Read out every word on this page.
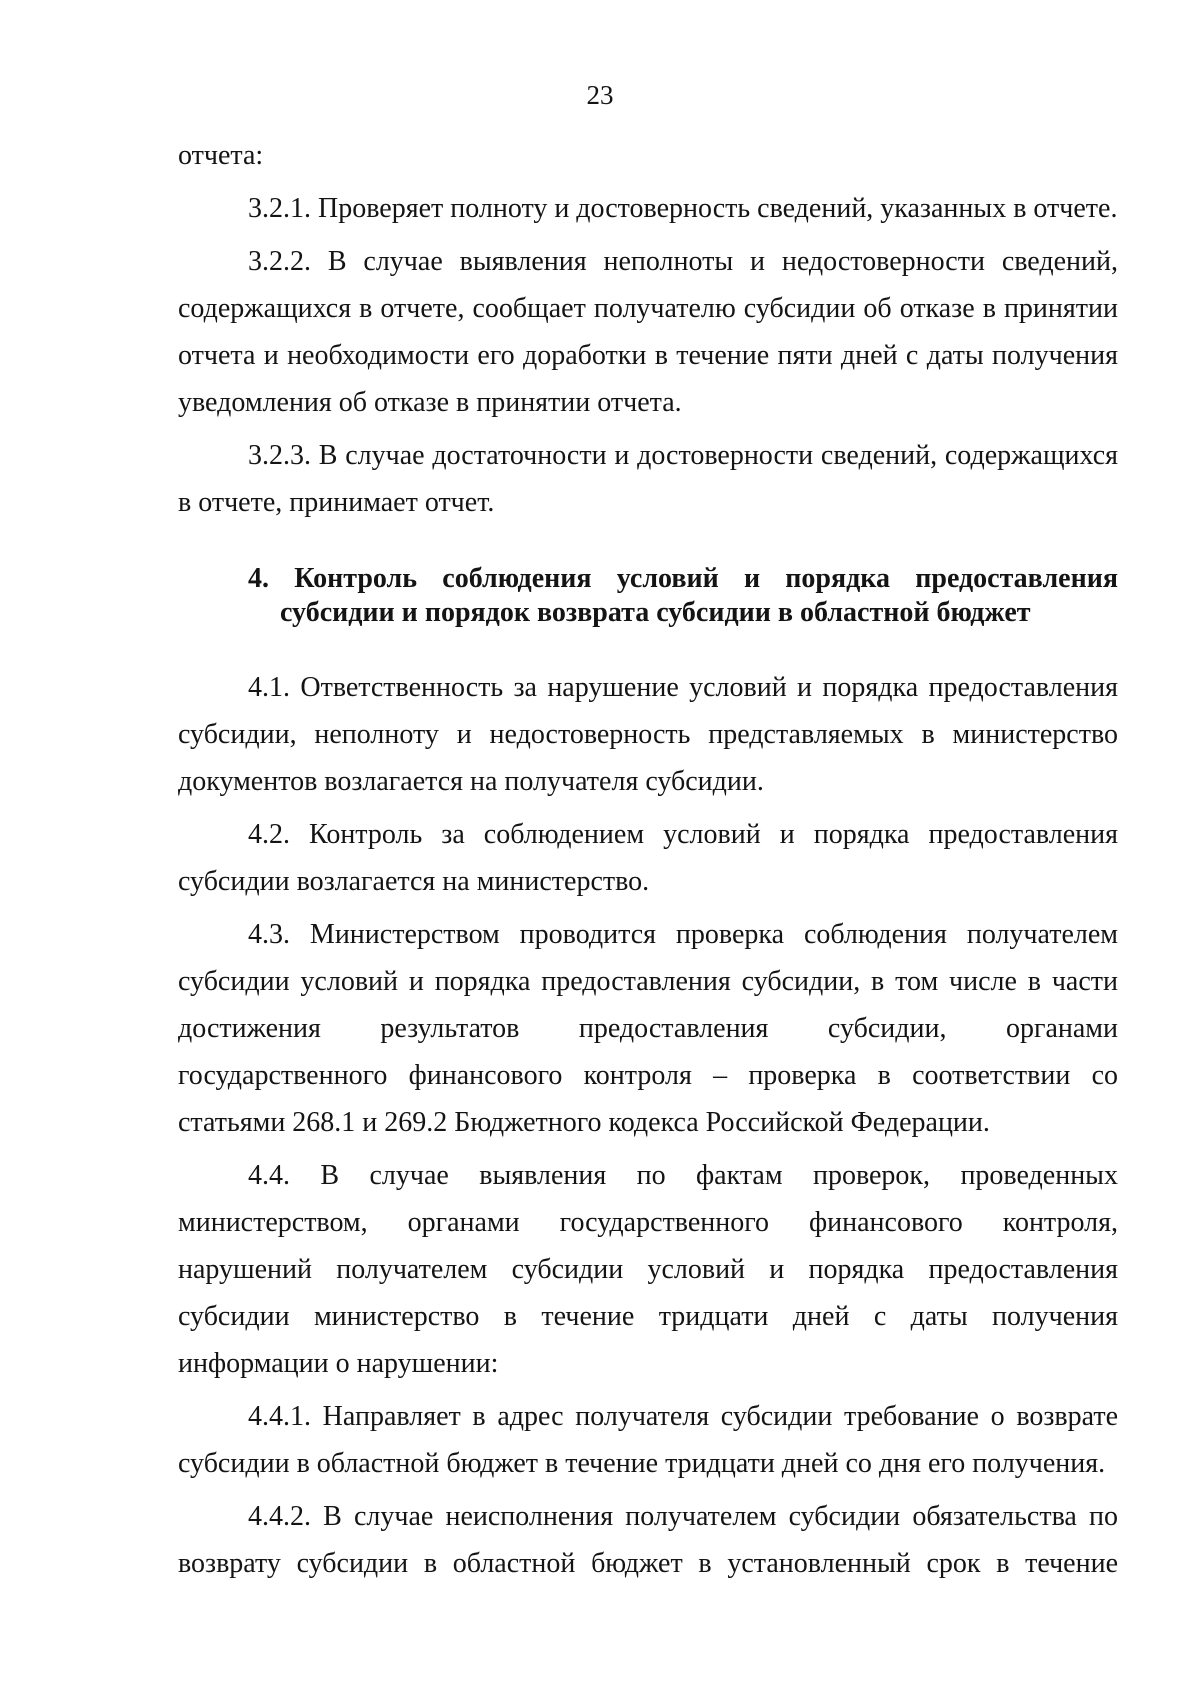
23

отчета:

3.2.1. Проверяет полноту и достоверность сведений, указанных в отчете.

3.2.2. В случае выявления неполноты и недостоверности сведений, содержащихся в отчете, сообщает получателю субсидии об отказе в принятии отчета и необходимости его доработки в течение пяти дней с даты получения уведомления об отказе в принятии отчета.

3.2.3. В случае достаточности и достоверности сведений, содержащихся в отчете, принимает отчет.

4. Контроль соблюдения условий и порядка предоставления
субсидии и порядок возврата субсидии в областной бюджет

4.1. Ответственность за нарушение условий и порядка предоставления субсидии, неполноту и недостоверность представляемых в министерство документов возлагается на получателя субсидии.

4.2. Контроль за соблюдением условий и порядка предоставления субсидии возлагается на министерство.

4.3. Министерством проводится проверка соблюдения получателем субсидии условий и порядка предоставления субсидии, в том числе в части достижения результатов предоставления субсидии, органами государственного финансового контроля – проверка в соответствии со статьями 268.1 и 269.2 Бюджетного кодекса Российской Федерации.

4.4. В случае выявления по фактам проверок, проведенных министерством, органами государственного финансового контроля, нарушений получателем субсидии условий и порядка предоставления субсидии министерство в течение тридцати дней с даты получения информации о нарушении:

4.4.1. Направляет в адрес получателя субсидии требование о возврате субсидии в областной бюджет в течение тридцати дней со дня его получения.

4.4.2. В случае неисполнения получателем субсидии обязательства по возврату субсидии в областной бюджет в установленный срок в течение
